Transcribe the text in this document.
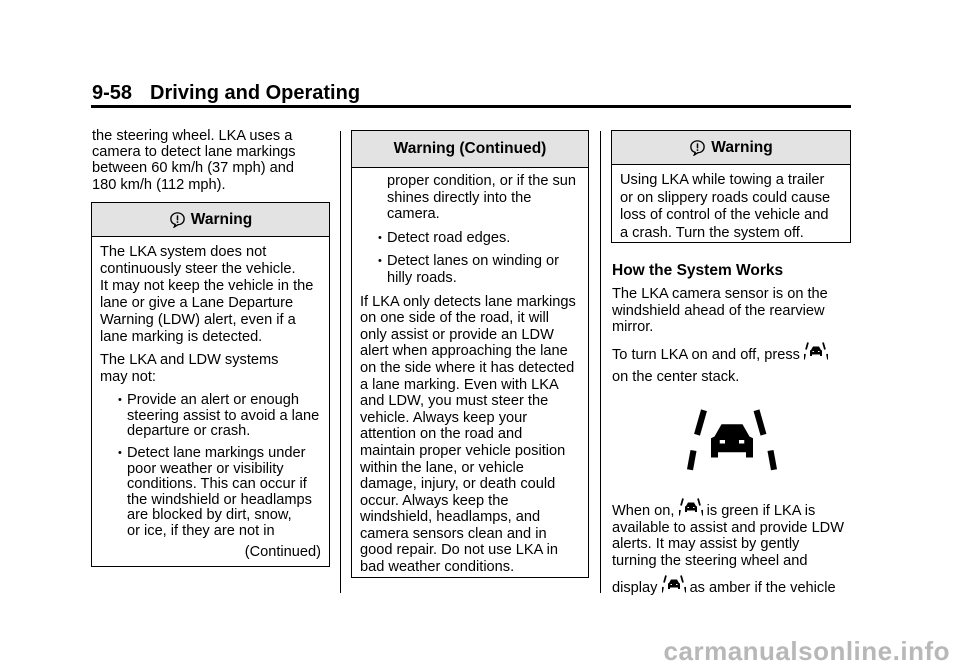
9-58 Driving and Operating
the steering wheel. LKA uses a
camera to detect lane markings
between 60 km/h (37 mph) and
180 km/h (112 mph).
Warning

The LKA system does not
continuously steer the vehicle.
It may not keep the vehicle in the
lane or give a Lane Departure
Warning (LDW) alert, even if a
lane marking is detected.

The LKA and LDW systems
may not:

• Provide an alert or enough
steering assist to avoid a lane
departure or crash.
• Detect lane markings under
poor weather or visibility
conditions. This can occur if
the windshield or headlamps
are blocked by dirt, snow,
or ice, if they are not in
(Continued)
Warning (Continued)
proper condition, or if the sun
shines directly into the
camera.
• Detect road edges.
• Detect lanes on winding or
hilly roads.

If LKA only detects lane markings
on one side of the road, it will
only assist or provide an LDW
alert when approaching the lane
on the side where it has detected
a lane marking. Even with LKA
and LDW, you must steer the
vehicle. Always keep your
attention on the road and
maintain proper vehicle position
within the lane, or vehicle
damage, injury, or death could
occur. Always keep the
windshield, headlamps, and
camera sensors clean and in
good repair. Do not use LKA in
bad weather conditions.

Warning
Using LKA while towing a trailer
or on slippery roads could cause
loss of control of the vehicle and
a crash. Turn the system off.
How the System Works
The LKA camera sensor is on the
windshield ahead of the rearview
mirror.
To turn LKA on and off, press
on the center stack.
When on, is green if LKA is
available to assist and provide LDW
alerts. It may assist by gently
turning the steering wheel and
display as amber if the vehicle
carmanualsonline.info
